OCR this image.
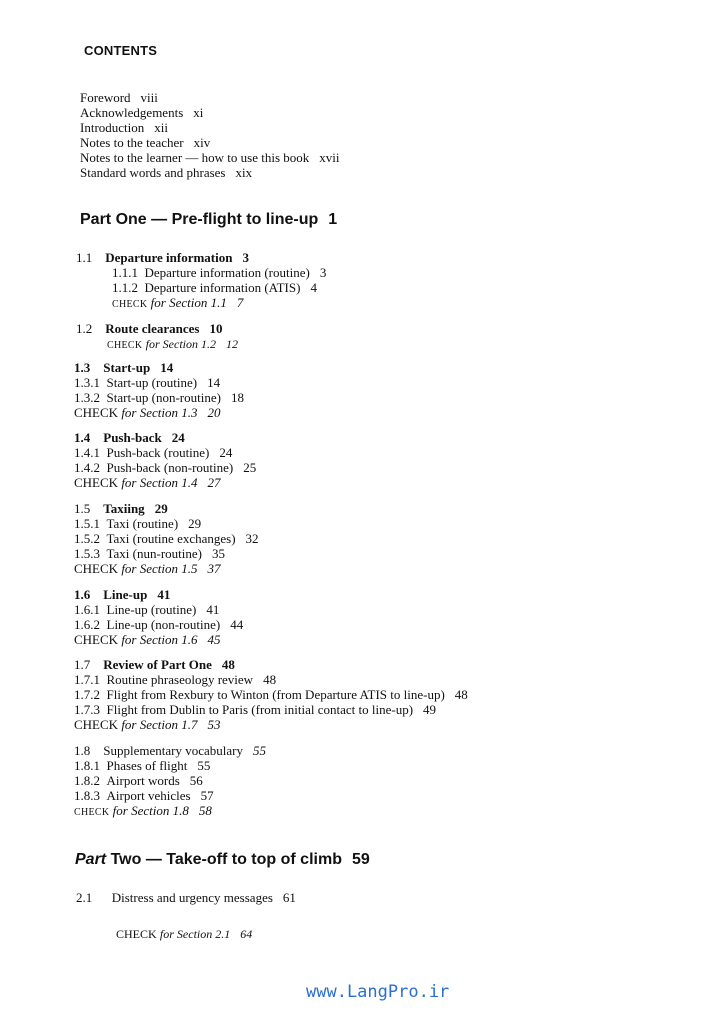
CONTENTS
Foreword viii
Acknowledgements xi
Introduction xii
Notes to the teacher xiv
Notes to the learner — how to use this book xvii
Standard words and phrases xix
Part One — Pre-flight to line-up 1
1.1 Departure information 3
1.1.1 Departure information (routine) 3
1.1.2 Departure information (ATIS) 4
CHECK for Section 1.1 7
1.2 Route clearances 10
CHECK for Section 1.2 12
1.3 Start-up 14
1.3.1 Start-up (routine) 14
1.3.2 Start-up (non-routine) 18
CHECK for Section 1.3 20
1.4 Push-back 24
1.4.1 Push-back (routine) 24
1.4.2 Push-back (non-routine) 25
CHECK for Section 1.4 27
1.5 Taxiing 29
1.5.1 Taxi (routine) 29
1.5.2 Taxi (routine exchanges) 32
1.5.3 Taxi (nun-routine) 35
CHECK for Section 1.5 37
1.6 Line-up 41
1.6.1 Line-up (routine) 41
1.6.2 Line-up (non-routine) 44
CHECK for Section 1.6 45
1.7 Review of Part One 48
1.7.1 Routine phraseology review 48
1.7.2 Flight from Rexbury to Winton (from Departure ATIS to line-up) 48
1.7.3 Flight from Dublin to Paris (from initial contact to line-up) 49
CHECK for Section 1.7 53
1.8 Supplementary vocabulary 55
1.8.1 Phases of flight 55
1.8.2 Airport words 56
1.8.3 Airport vehicles 57
CHECK for Section 1.8 58
Part Two — Take-off to top of climb 59
2.1 Distress and urgency messages 61
CHECK for Section 2.1 64
www.LangPro.ir
